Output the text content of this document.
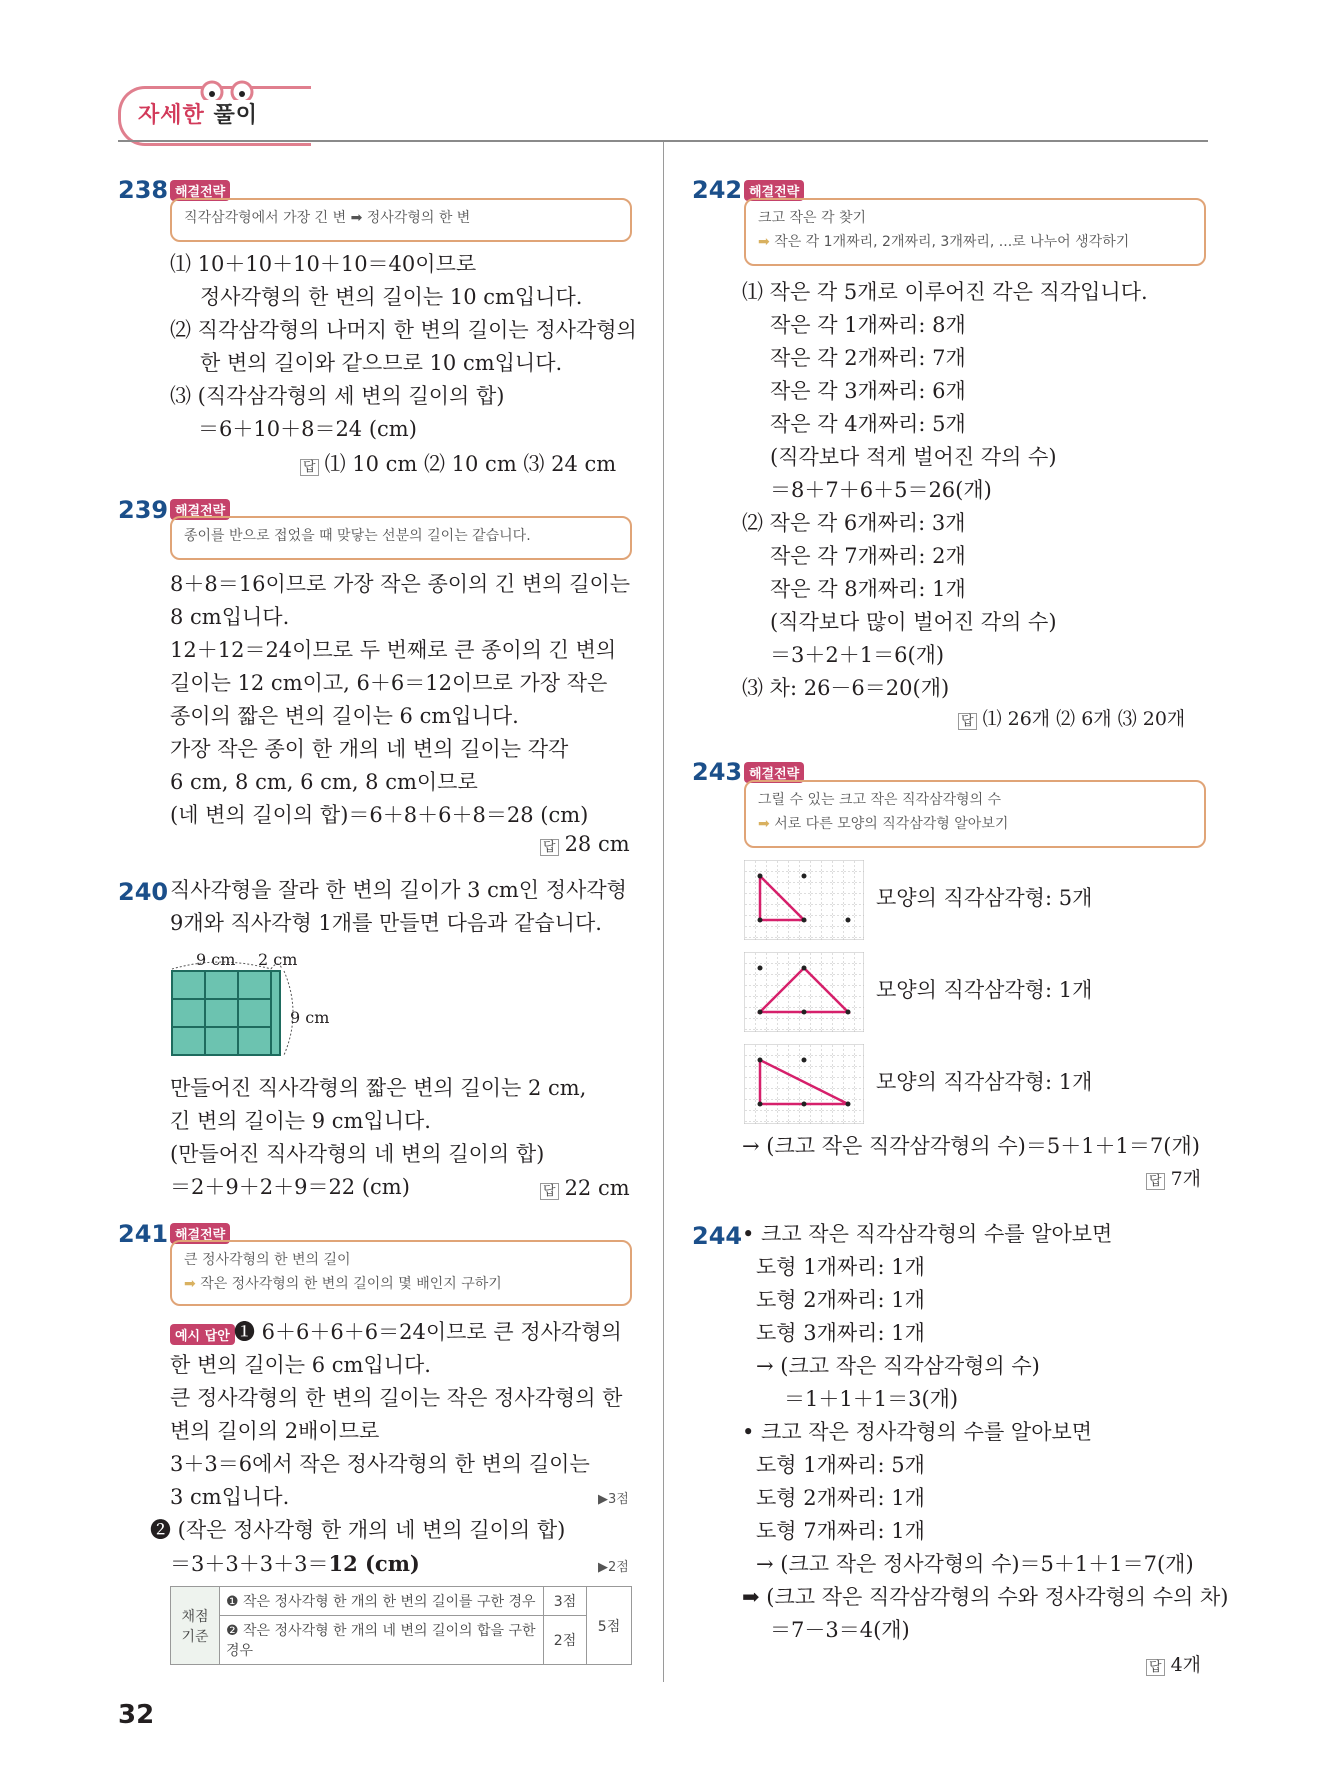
자세한 풀이
238 해결전략
직각삼각형에서 가장 긴 변 ➡ 정사각형의 한 변
⑴ 10＋10＋10＋10＝40이므로
정사각형의 한 변의 길이는 10 cm입니다.
⑵ 직각삼각형의 나머지 한 변의 길이는 정사각형의
한 변의 길이와 같으므로 10 cm입니다.
⑶ (직각삼각형의 세 변의 길이의 합)
＝6＋10＋8＝24 (cm)
답 ⑴ 10 cm ⑵ 10 cm ⑶ 24 cm
239 해결전략
종이를 반으로 접었을 때 맞닿는 선분의 길이는 같습니다.
8＋8＝16이므로 가장 작은 종이의 긴 변의 길이는
8 cm입니다.
12＋12＝24이므로 두 번째로 큰 종이의 긴 변의
길이는 12 cm이고, 6＋6＝12이므로 가장 작은
종이의 짧은 변의 길이는 6 cm입니다.
가장 작은 종이 한 개의 네 변의 길이는 각각
6 cm, 8 cm, 6 cm, 8 cm이므로
(네 변의 길이의 합)＝6＋8＋6＋8＝28 (cm)
답 28 cm
240 직사각형을 잘라 한 변의 길이가 3 cm인 정사각형
9개와 직사각형 1개를 만들면 다음과 같습니다.
9 cm 2 cm
9 cm
만들어진 직사각형의 짧은 변의 길이는 2 cm,
긴 변의 길이는 9 cm입니다.
(만들어진 직사각형의 네 변의 길이의 합)
＝2＋9＋2＋9＝22 (cm)	답 22 cm
241 해결전략
큰 정사각형의 한 변의 길이
➡ 작은 정사각형의 한 변의 길이의 몇 배인지 구하기
예시 답안 ❶ 6＋6＋6＋6＝24이므로 큰 정사각형의
한 변의 길이는 6 cm입니다.
큰 정사각형의 한 변의 길이는 작은 정사각형의 한
변의 길이의 2배이므로
3＋3＝6에서 작은 정사각형의 한 변의 길이는
3 cm입니다.	▶3점
❷ (작은 정사각형 한 개의 네 변의 길이의 합)
＝3＋3＋3＋3＝12 (cm)	▶2점
채점 기준	❶ 작은 정사각형 한 개의 한 변의 길이를 구한 경우	3점	5점
	❷ 작은 정사각형 한 개의 네 변의 길이의 합을 구한 경우	2점	
242 해결전략
크고 작은 각 찾기
➡ 작은 각 1개짜리, 2개짜리, 3개짜리, ...로 나누어 생각하기
⑴ 작은 각 5개로 이루어진 각은 직각입니다.
작은 각 1개짜리: 8개
작은 각 2개짜리: 7개
작은 각 3개짜리: 6개
작은 각 4개짜리: 5개
(직각보다 적게 벌어진 각의 수)
＝8＋7＋6＋5＝26(개)
⑵ 작은 각 6개짜리: 3개
작은 각 7개짜리: 2개
작은 각 8개짜리: 1개
(직각보다 많이 벌어진 각의 수)
＝3＋2＋1＝6(개)
⑶ 차: 26－6＝20(개)
답 ⑴ 26개 ⑵ 6개 ⑶ 20개
243 해결전략
그릴 수 있는 크고 작은 직각삼각형의 수
➡ 서로 다른 모양의 직각삼각형 알아보기
모양의 직각삼각형: 5개
모양의 직각삼각형: 1개
모양의 직각삼각형: 1개
→ (크고 작은 직각삼각형의 수)＝5＋1＋1＝7(개)
답 7개
244 • 크고 작은 직각삼각형의 수를 알아보면
도형 1개짜리: 1개
도형 2개짜리: 1개
도형 3개짜리: 1개
→ (크고 작은 직각삼각형의 수)
＝1＋1＋1＝3(개)
• 크고 작은 정사각형의 수를 알아보면
도형 1개짜리: 5개
도형 2개짜리: 1개
도형 7개짜리: 1개
→ (크고 작은 정사각형의 수)＝5＋1＋1＝7(개)
➡ (크고 작은 직각삼각형의 수와 정사각형의 수의 차)
＝7－3＝4(개)
답 4개
32
